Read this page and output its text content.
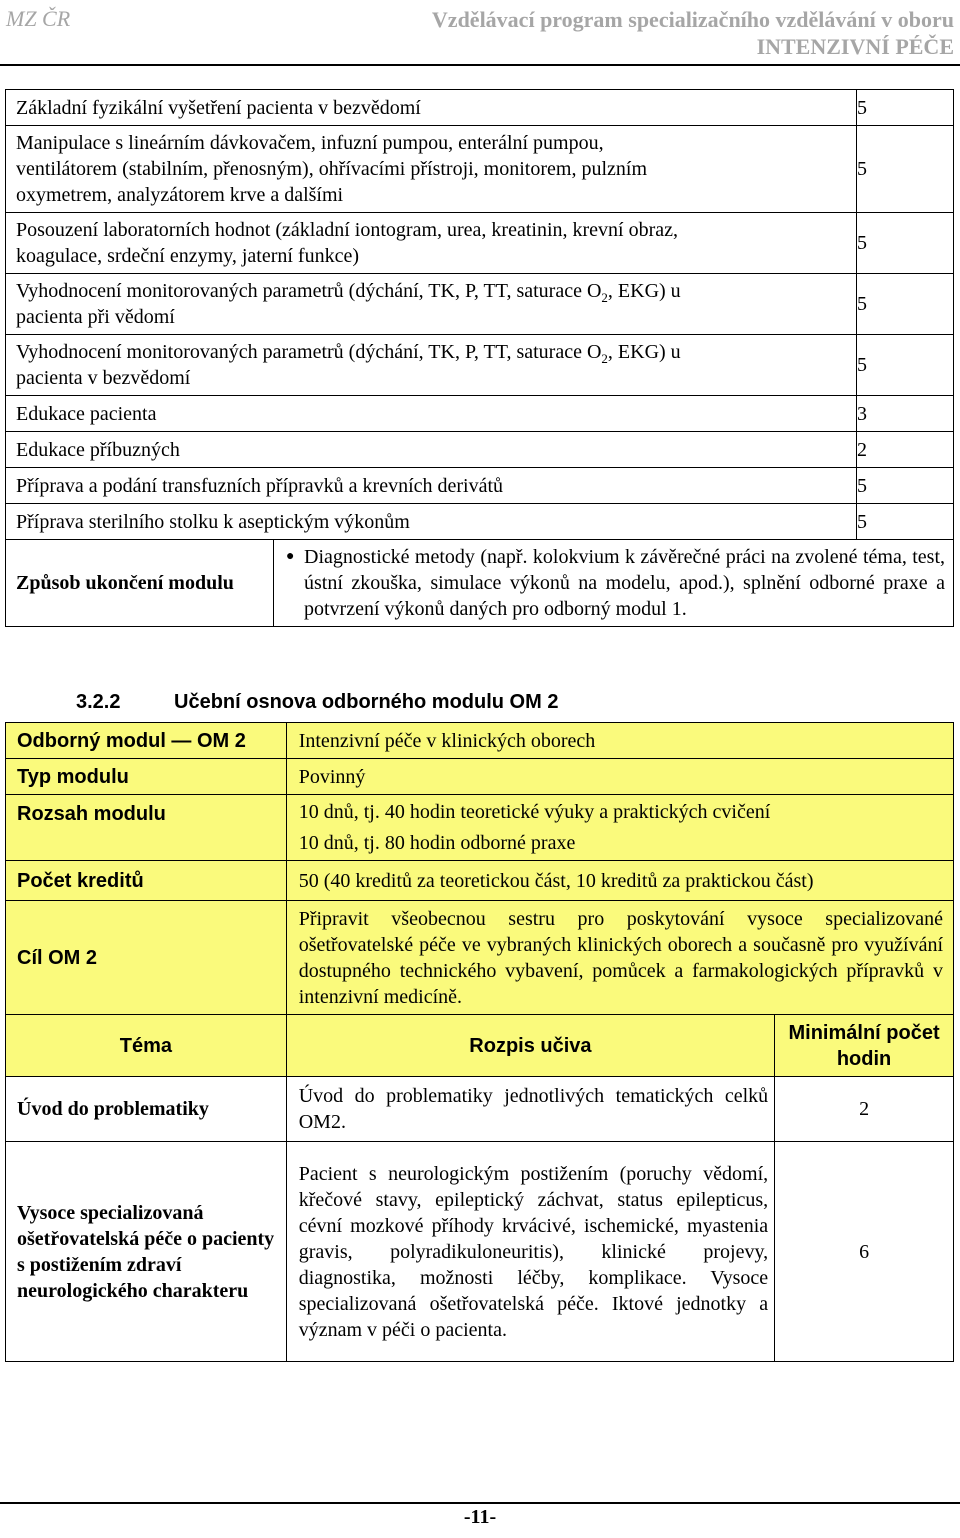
MZ ČR	Vzdělávací program specializačního vzdělávání v oboru
INTENZIVNÍ PÉČE
Základní fyzikální vyšetření pacienta v bezvědomí		5
Manipulace s lineárním dávkovačem, infuzní pumpou, enterální pumpou, ventilátorem (stabilním, přenosným), ohřívacími přístroji, monitorem, pulzním oxymetrem, analyzátorem krve a dalšími		5
Posouzení laboratorních hodnot (základní iontogram, urea, kreatinin, krevní obraz, koagulace, srdeční enzymy, jaterní funkce)		5
Vyhodnocení monitorovaných parametrů (dýchání, TK, P, TT, saturace $O_2$, EKG) u pacienta při vědomí		5
Vyhodnocení monitorovaných parametrů (dýchání, TK, P, TT, saturace $O_2$, EKG) u pacienta v bezvědomí		5
Edukace pacienta		3
Edukace příbuzných		2
Příprava a podání transfuzních přípravků a krevních derivátů		5
Příprava sterilního stolku k aseptickým výkonům		5
Způsob ukončení modulu	● Diagnostické metody (např. kolokvium k závěrečné práci na zvolené téma, test, ústní zkouška, simulace výkonů na modelu, apod.), splnění odborné praxe a potvrzení výkonů daných pro odborný modul 1.	
3.2.2	Učební osnova odborného modulu OM 2
Odborný modul — OM 2	Intenzivní péče v klinických oborech	
Typ modulu	Povinný	
Rozsah modulu	10 dnů, tj. 40 hodin teoretické výuky a praktických cvičení
10 dnů, tj. 80 hodin odborné praxe	

Počet kreditů	50 (40 kreditů za teoretickou část, 10 kreditů za praktickou část)	
Cíl OM 2	Připravit všeobecnou sestru pro poskytování vysoce specializované ošetřovatelské péče ve vybraných klinických oborech a současně pro využívání dostupného technického vybavení, pomůcek a farmakologických přípravků v intenzivní medicíně.	
Téma	Rozpis učiva	Minimální počet hodin
Úvod do problematiky	Úvod do problematiky jednotlivých tematických celků OM2.	2
Vysoce specializovaná ošetřovatelská péče o pacienty s postižením zdraví neurologického charakteru	Pacient s neurologickým postižením (poruchy vědomí, křečové stavy, epileptický záchvat, status epilepticus, cévní mozkové příhody krvácivé, ischemické, myastenia gravis, polyradikuloneuritis), klinické projevy, diagnostika, možnosti léčby, komplikace. Vysoce specializovaná ošetřovatelská péče. Iktové jednotky a význam v péči o pacienta.	6
-11-
